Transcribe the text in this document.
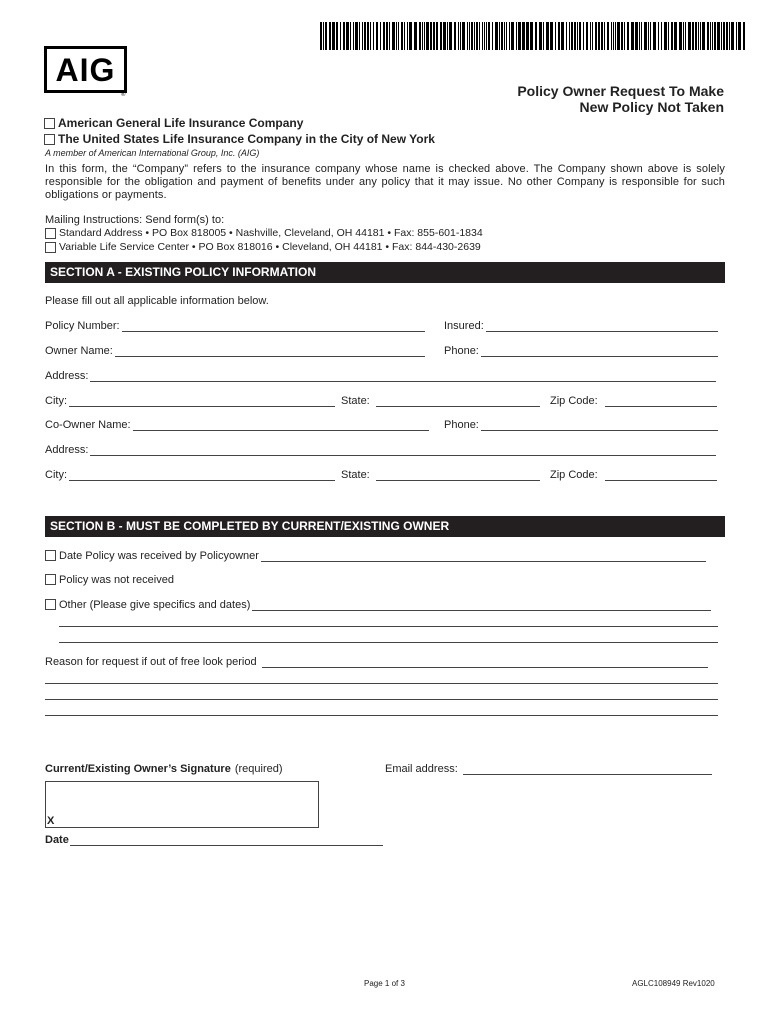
AIG
®	Policy Owner Request To Make
New Policy Not Taken
American General Life Insurance Company
The United States Life Insurance Company in the City of New York
A member of American International Group, Inc. (AIG)
In this form, the “Company” refers to the insurance company whose name is checked above. The Company shown above is solely responsible for the obligation and payment of benefits under any policy that it may issue. No other Company is responsible for such obligations or payments.
Mailing Instructions: Send form(s) to:
Standard Address • PO Box 818005 • Nashville, Cleveland, OH 44181 • Fax: 855-601-1834
Variable Life Service Center • PO Box 818016 • Cleveland, OH 44181 • Fax: 844-430-2639
SECTION A - EXISTING POLICY INFORMATION
Please fill out all applicable information below.
Policy Number:	Insured:
Owner Name:	Phone:
Address:
City:	State:	Zip Code:
Co-Owner Name:	Phone:
Address:
City:	State:	Zip Code:
SECTION B - MUST BE COMPLETED BY CURRENT/EXISTING OWNER
Date Policy was received by Policyowner
Policy was not received
Other (Please give specifics and dates)
Reason for request if out of free look period
Current/Existing Owner’s Signature (required)	Email address:
X
Date
Page 1 of 3	AGLC108949 Rev1020
